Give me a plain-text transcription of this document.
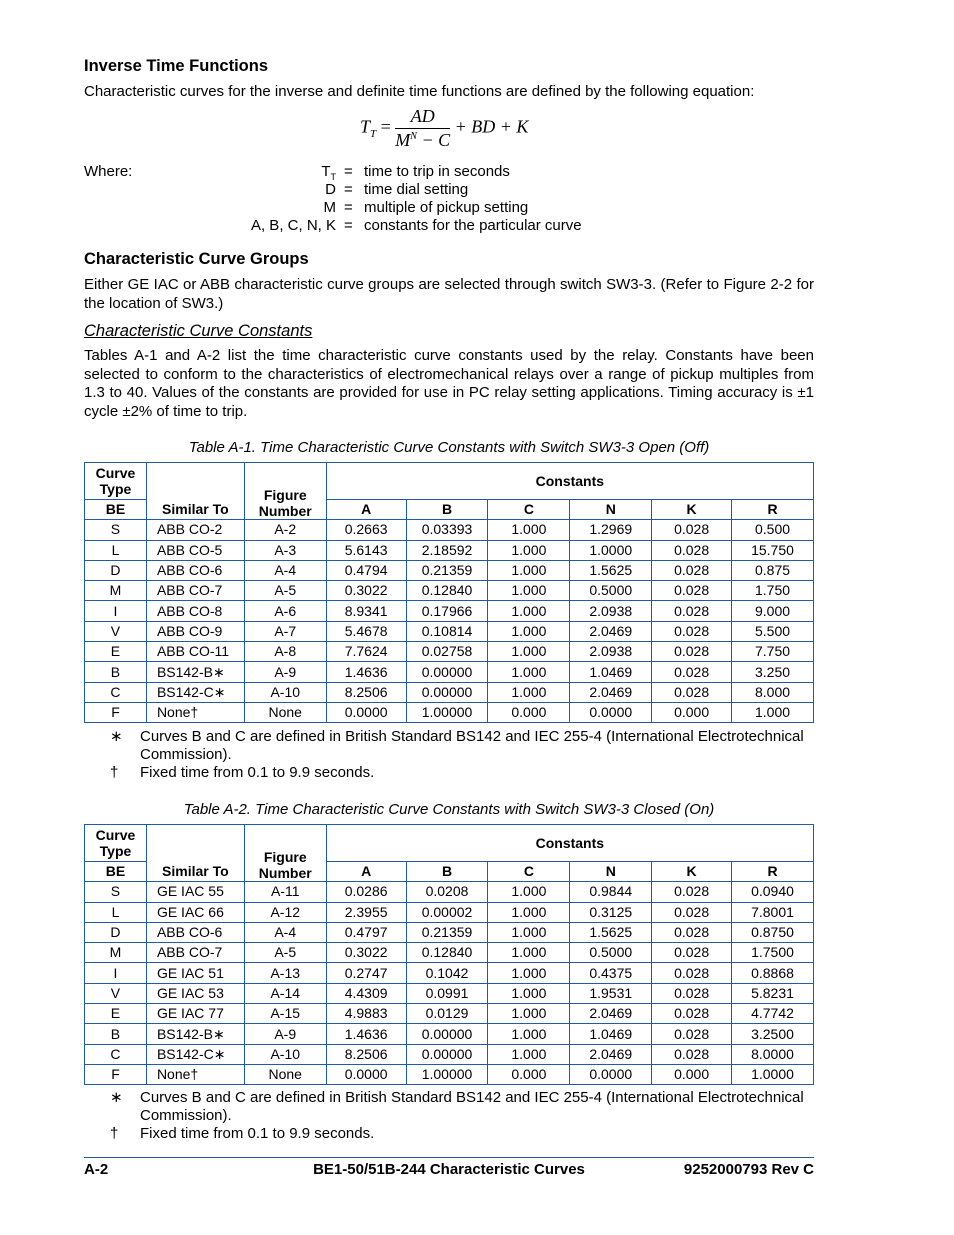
Inverse Time Functions

Characteristic curves for the inverse and definite time functions are defined by the following equation:

$T_T = \frac{AD}{M^N - C}$ + BD + K
Where:	$T_T$ = time to trip in seconds
D = time dial setting
M = multiple of pickup setting
A, B, C, N, K = constants for the particular curve
Characteristic Curve Groups

Either GE IAC or ABB characteristic curve groups are selected through switch SW3-3. (Refer to Figure 2-2 for the location of SW3.)

Characteristic Curve Constants

Tables A-1 and A-2 list the time characteristic curve constants used by the relay. Constants have been selected to conform to the characteristics of electromechanical relays over a range of pickup multiples from 1.3 to 40. Values of the constants are provided for use in PC relay setting applications. Timing accuracy is ±1 cycle ±2% of time to trip.

Table A-1. Time Characteristic Curve Constants with Switch SW3-3 Open (Off)
Curve Type	Similar To	Figure Number	Constants					
BE			A	B	C	N	K	R
S	ABB CO-2	A-2	0.2663	0.03393	1.000	1.2969	0.028	0.500
L	ABB CO-5	A-3	5.6143	2.18592	1.000	1.0000	0.028	15.750
D	ABB CO-6	A-4	0.4794	0.21359	1.000	1.5625	0.028	0.875
M	ABB CO-7	A-5	0.3022	0.12840	1.000	0.5000	0.028	1.750
I	ABB CO-8	A-6	8.9341	0.17966	1.000	2.0938	0.028	9.000
V	ABB CO-9	A-7	5.4678	0.10814	1.000	2.0469	0.028	5.500
E	ABB CO-11	A-8	7.7624	0.02758	1.000	2.0938	0.028	7.750
B	BS142-B∗	A-9	1.4636	0.00000	1.000	1.0469	0.028	3.250
C	BS142-C∗	A-10	8.2506	0.00000	1.000	2.0469	0.028	8.000
F	None†	None	0.0000	1.00000	0.000	0.0000	0.000	1.000
∗ Curves B and C are defined in British Standard BS142 and IEC 255-4 (International Electrotechnical Commission).
† Fixed time from 0.1 to 9.9 seconds.
Table A-2. Time Characteristic Curve Constants with Switch SW3-3 Closed (On)
Curve Type	Similar To	Figure Number	Constants					
BE			A	B	C	N	K	R
S	GE IAC 55	A-11	0.0286	0.0208	1.000	0.9844	0.028	0.0940
L	GE IAC 66	A-12	2.3955	0.00002	1.000	0.3125	0.028	7.8001
D	ABB CO-6	A-4	0.4797	0.21359	1.000	1.5625	0.028	0.8750
M	ABB CO-7	A-5	0.3022	0.12840	1.000	0.5000	0.028	1.7500
I	GE IAC 51	A-13	0.2747	0.1042	1.000	0.4375	0.028	0.8868
V	GE IAC 53	A-14	4.4309	0.0991	1.000	1.9531	0.028	5.8231
E	GE IAC 77	A-15	4.9883	0.0129	1.000	2.0469	0.028	4.7742
B	BS142-B∗	A-9	1.4636	0.00000	1.000	1.0469	0.028	3.2500
C	BS142-C∗	A-10	8.2506	0.00000	1.000	2.0469	0.028	8.0000
F	None†	None	0.0000	1.00000	0.000	0.0000	0.000	1.0000
∗ Curves B and C are defined in British Standard BS142 and IEC 255-4 (International Electrotechnical Commission).
† Fixed time from 0.1 to 9.9 seconds.
A-2	BE1-50/51B-244 Characteristic Curves	9252000793 Rev C
